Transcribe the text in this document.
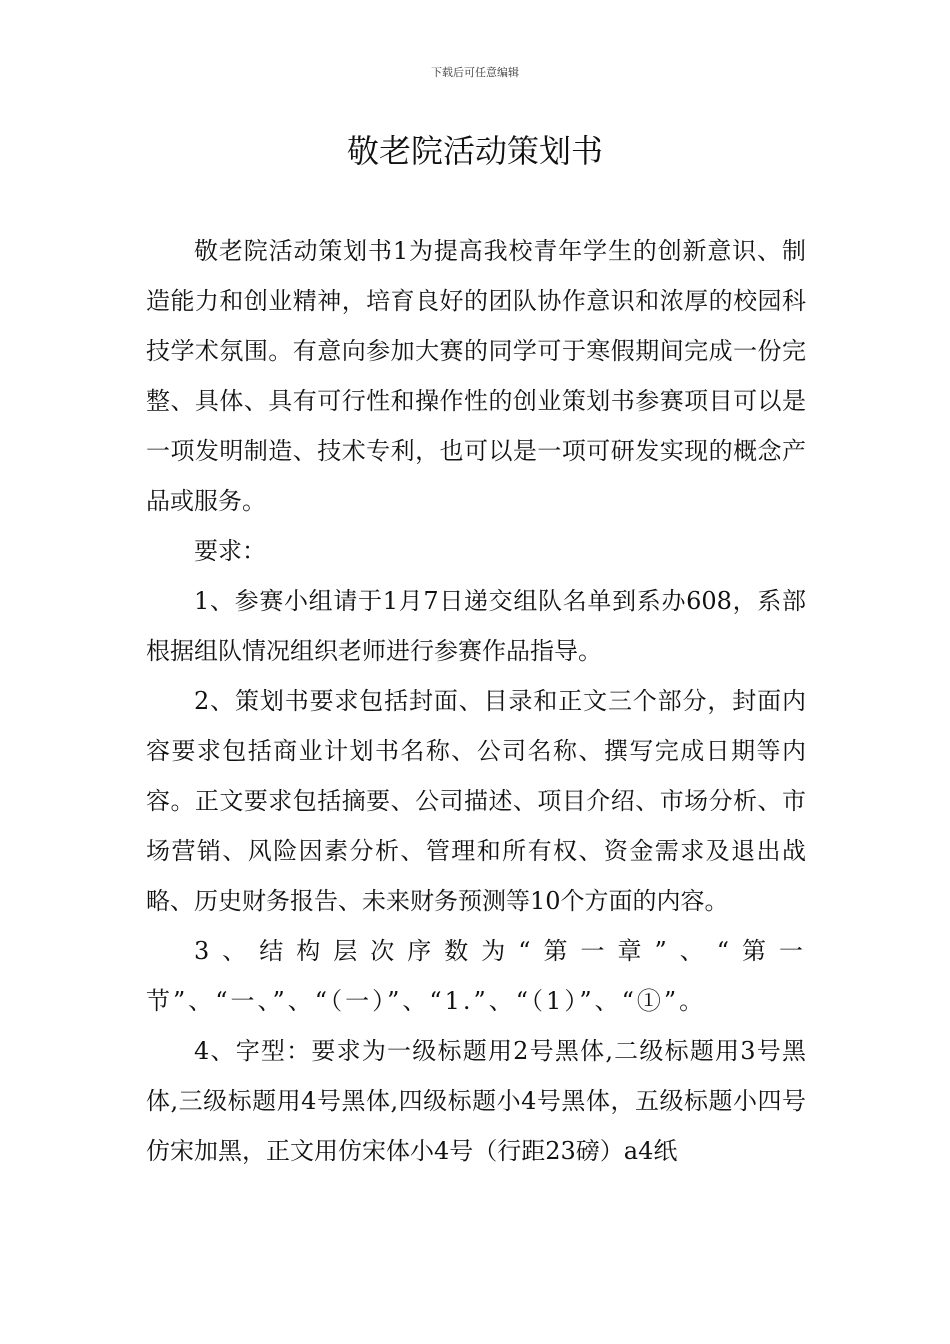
下载后可任意编辑
敬老院活动策划书

敬老院活动策划书1为提高我校青年学生的创新意识、制造能力和创业精神，培育良好的团队协作意识和浓厚的校园科技学术氛围。有意向参加大赛的同学可于寒假期间完成一份完整、具体、具有可行性和操作性的创业策划书参赛项目可以是一项发明制造、技术专利，也可以是一项可研发实现的概念产品或服务。

要求：

1、参赛小组请于1月7日递交组队名单到系办608，系部根据组队情况组织老师进行参赛作品指导。

2、策划书要求包括封面、目录和正文三个部分，封面内容要求包括商业计划书名称、公司名称、撰写完成日期等内容。正文要求包括摘要、公司描述、项目介绍、市场分析、市场营销、风险因素分析、管理和所有权、资金需求及退出战略、历史财务报告、未来财务预测等10个方面的内容。

3、结构层次序数为“第一章”、“第一节”、“一、”、“（一）”、“1.”、“（1）”、“①”。

4、字型：要求为一级标题用2号黑体,二级标题用3号黑体,三级标题用4号黑体,四级标题小4号黑体，五级标题小四号仿宋加黑，正文用仿宋体小4号（行距23磅）a4纸
